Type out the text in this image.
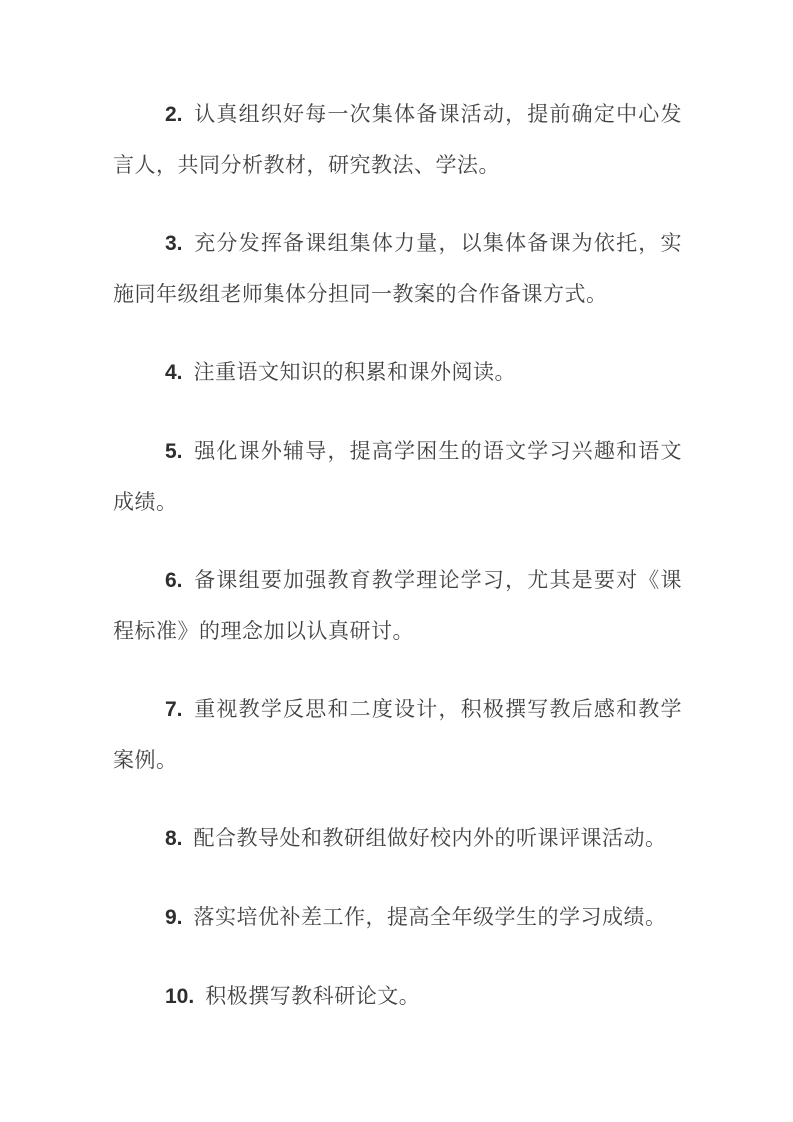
2. 认真组织好每一次集体备课活动，提前确定中心发言人，共同分析教材，研究教法、学法。

3. 充分发挥备课组集体力量，以集体备课为依托，实施同年级组老师集体分担同一教案的合作备课方式。

4. 注重语文知识的积累和课外阅读。

5. 强化课外辅导，提高学困生的语文学习兴趣和语文成绩。

6. 备课组要加强教育教学理论学习，尤其是要对《课程标准》的理念加以认真研讨。

7. 重视教学反思和二度设计，积极撰写教后感和教学案例。

8. 配合教导处和教研组做好校内外的听课评课活动。

9. 落实培优补差工作，提高全年级学生的学习成绩。

10. 积极撰写教科研论文。
